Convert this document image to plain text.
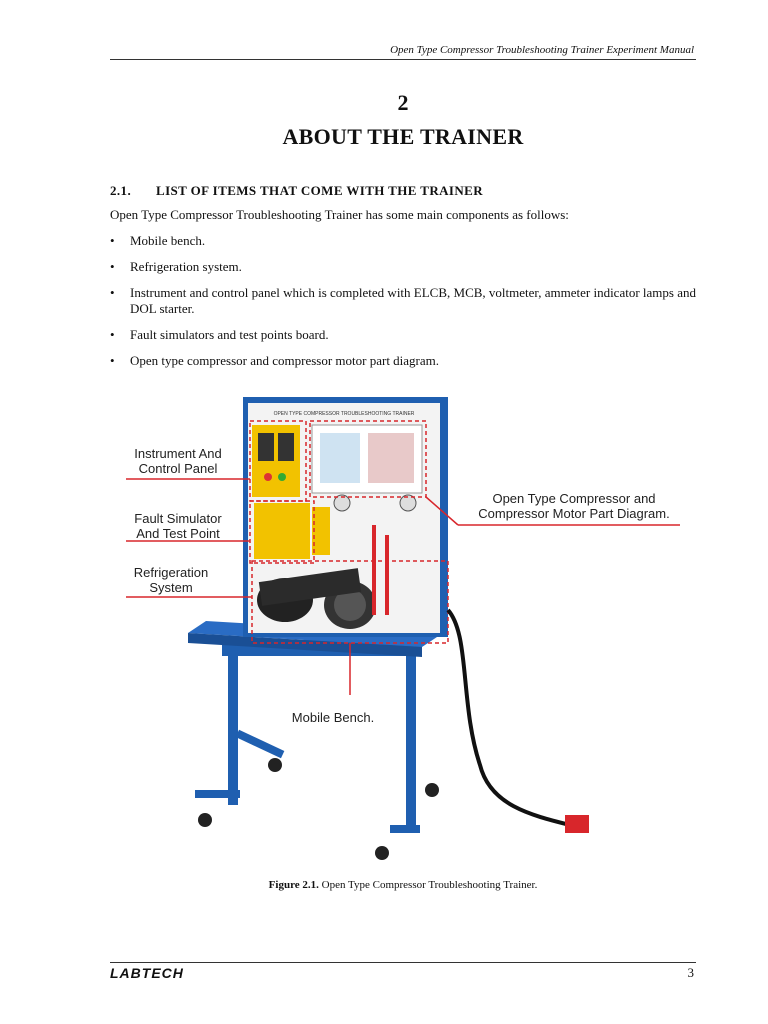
Open Type Compressor Troubleshooting Trainer Experiment Manual
2
ABOUT THE TRAINER
2.1. LIST OF ITEMS THAT COME WITH THE TRAINER
Open Type Compressor Troubleshooting Trainer has some main components as follows:
• Mobile bench.
• Refrigeration system.
• Instrument and control panel which is completed with ELCB, MCB, voltmeter, ammeter indicator lamps and DOL starter.
• Fault simulators and test points board.
• Open type compressor and compressor motor part diagram.
Instrument And
Control Panel
Fault Simulator
And Test Point
Refrigeration
System
Open Type Compressor and
Compressor Motor Part Diagram.
Mobile Bench.
OPEN TYPE COMPRESSOR TROUBLESHOOTING TRAINER
Figure 2.1. Open Type Compressor Troubleshooting Trainer.
LABTECH	3
